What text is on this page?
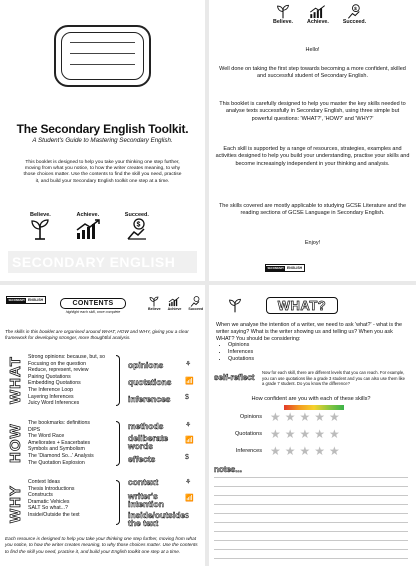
The Secondary English Toolkit.
A Student's Guide to Mastering Secondary English.
This booklet is designed to help you take your thinking one step further, moving from what you notice, to how the writer creates meaning, to why those choices matter. Use the contents to find the skill you need, practise it, and build your Secondary English toolkit one step at a time.
Believe.	Achieve.	Succeed.
$
SECONDARY ENGLISH
Believe.	Achieve.
$
Succeed.
Hello!
Well done on taking the first step towards becoming a more confident, skilled and successful student of Secondary English.
This booklet is carefully designed to help you master the key skills needed to analyse texts successfully in Secondary English, using three simple but powerful questions: 'WHAT?', 'HOW?' and 'WHY?'
Each skill is supported by a range of resources, strategies, examples and activities designed to help you build your understanding, practise your skills and become increasingly independent in your thinking and analysis.
The skills covered are mostly applicable to studying GCSE Literature and the reading sections of GCSE Language in Secondary English.
Enjoy!
SECONDARY ENGLISH
SECONDARY ENGLISH	CONTENTS
highlight each skill, once complete
Believe Achieve Succeed
The skills in this booklet are organised around WHAT, HOW and WHY, giving you a clear framework for developing stronger, more thoughtful analysis.
WHAT Strong opinions: because, but, so
Focusing on the question
Reduce, represent, review
Pairing Quotations
Embedding Quotations
The Inference Loop
Layering Inferences
Juicy Word Inferences
opinions
quotations
inferences
⚘
📶
$
HOW
The bookmarks: definitions
DIPS
The Word Race
Ameliorates + Exacerbates
Symbols and Symbolism
The 'Diamond So...' Analysis
The Quotation Explosion
methods
deliberate words
effects
⚘
📶
$
WHY
Context Ideas
Thesis Introductions
Constructs
Dramatic Vehicles
SALT So what...?
Inside/Outside the text
context
writer's intention
inside/outside the text
⚘
📶
$
Each resource is designed to help you take your thinking one step further, moving from what you notice, to how the writer creates meaning, to why those choices matter. Use the contents to find the skill you need, practise it, and build your English toolkit one step at a time.
WHAT?
When we analyse the intention of a writer, we need to ask 'what?' - what is the writer saying? What is the writer showing us and telling us? When you ask WHAT? You should be considering:
• Opinions
• Inferences
• Quotations
self-reflect
Now for each skill, there are different levels that you can reach. For example, you can use quotations like a grade 3 student and you can also use them like a grade 7 student. Do you know the difference?
How confident are you with each of these skills?
Opinions ★★★★★
Quotations ★★★★★
Inferences ★★★★★
notes...
